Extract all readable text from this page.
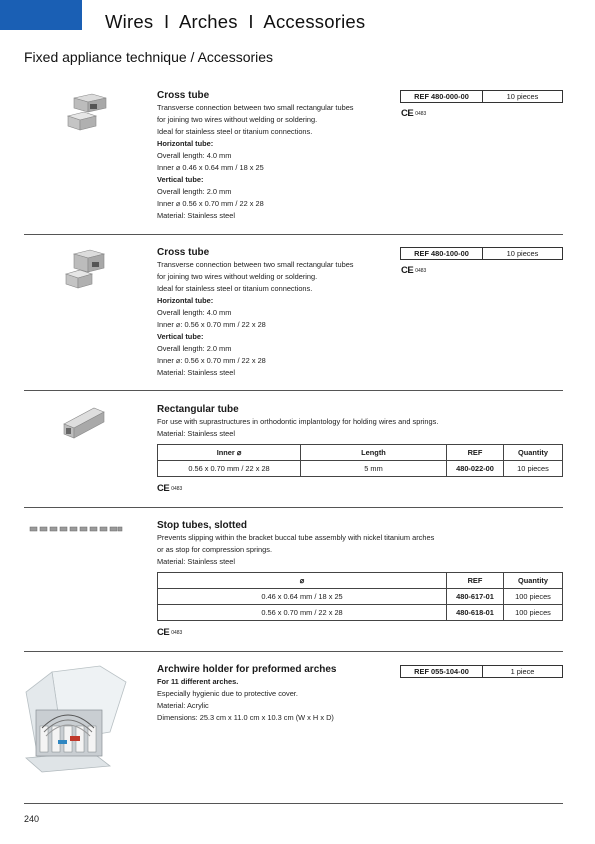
Wires  I  Arches  I  Accessories
Fixed appliance technique / Accessories
Cross tube
Transverse connection between two small rectangular tubes
for joining two wires without welding or soldering.
Ideal for stainless steel or titanium connections.
Horizontal tube:
Overall length: 4.0 mm
Inner ⌀ 0.46 x 0.64 mm / 18 x 25
Vertical tube:
Overall length: 2.0 mm
Inner ⌀ 0.56 x 0.70 mm / 22 x 28
Material: Stainless steel
REF 480-000-00	10 pieces
CE $^{0483}$
Cross tube
Transverse connection between two small rectangular tubes
for joining two wires without welding or soldering.
Ideal for stainless steel or titanium connections.
Horizontal tube:
Overall length: 4.0 mm
Inner ⌀: 0.56 x 0.70 mm / 22 x 28
Vertical tube:
Overall length: 2.0 mm
Inner ⌀: 0.56 x 0.70 mm / 22 x 28
Material: Stainless steel
REF 480-100-00	10 pieces
CE $^{0483}$
Rectangular tube
For use with suprastructures in orthodontic implantology for holding wires and springs.
Material: Stainless steel
Inner ⌀	Length	REF	Quantity
0.56 x 0.70 mm / 22 x 28	5 mm	480-022-00	10 pieces
CE $^{0483}$
Stop tubes, slotted
Prevents slipping within the bracket buccal tube assembly with nickel titanium arches
or as stop for compression springs.
Material: Stainless steel
⌀	REF	Quantity
0.46 x 0.64 mm / 18 x 25	480-617-01	100 pieces
0.56 x 0.70 mm / 22 x 28	480-618-01	100 pieces
CE $^{0483}$
Archwire holder for preformed arches
For 11 different arches.
Especially hygienic due to protective cover.
Material: Acrylic
Dimensions: 25.3 cm x 11.0 cm x 10.3 cm (W x H x D)
REF 055-104-00	1 piece
240
